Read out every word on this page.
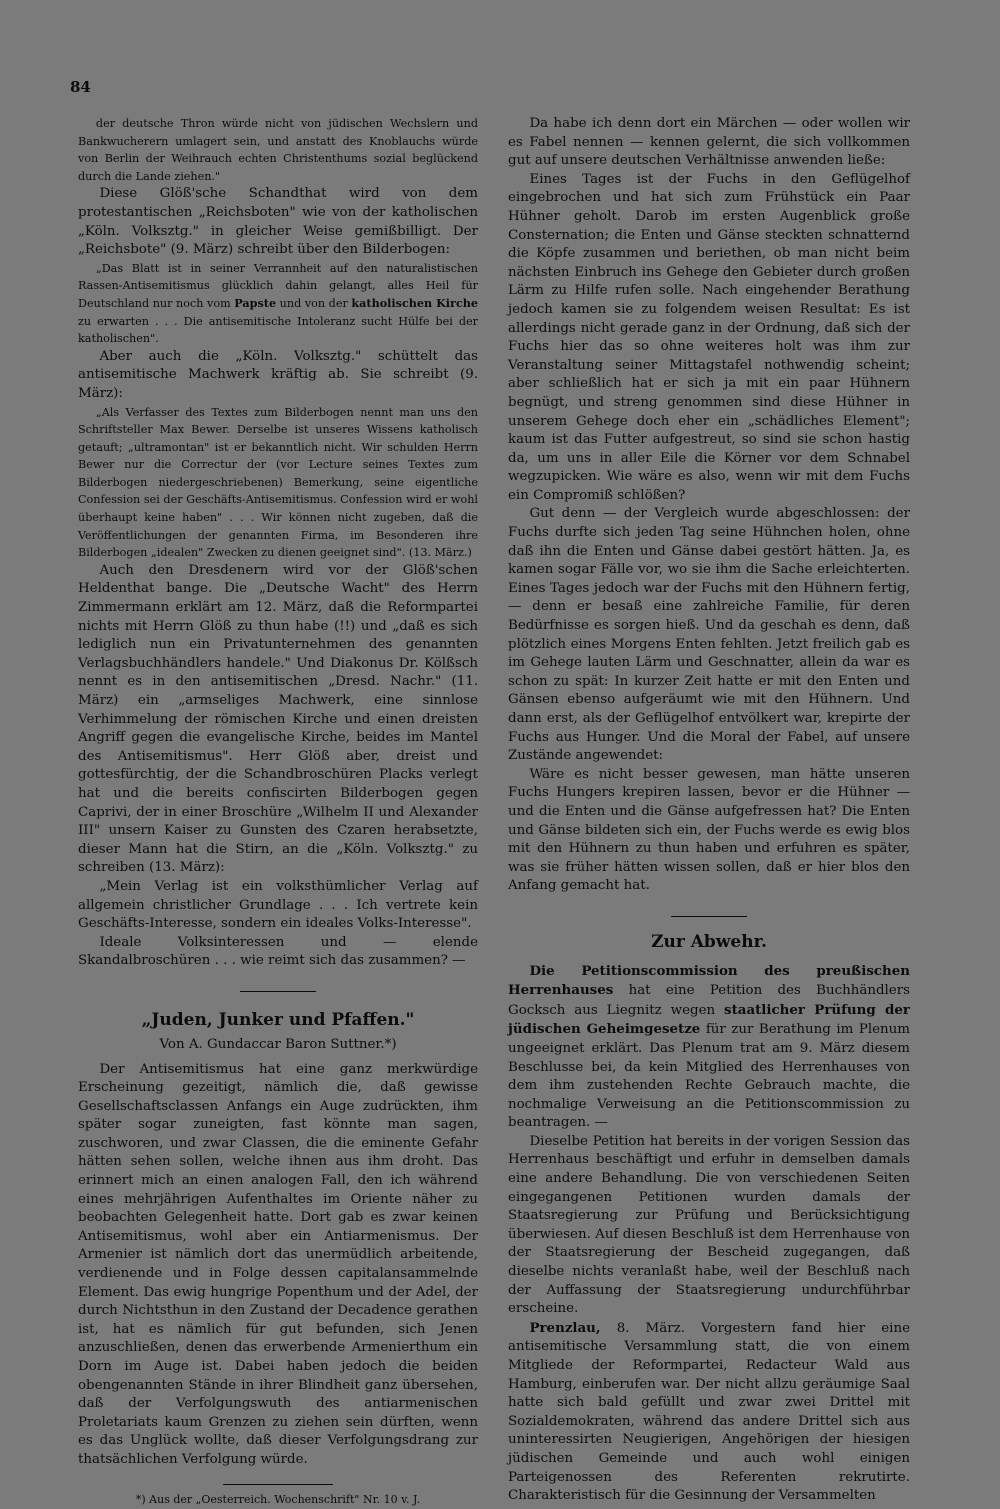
84

der deutsche Thron würde nicht von jüdischen Wechslern und Bankwucherern umlagert sein, und anstatt des Knoblauchs würde von Berlin der Weihrauch echten Christenthums sozial beglückend durch die Lande ziehen."

Diese Glöß'sche Schandthat wird von dem protestantischen „Reichsboten" wie von der katholischen „Köln. Volksztg." in gleicher Weise gemißbilligt. Der „Reichsbote" (9. März) schreibt über den Bilderbogen:

„Das Blatt ist in seiner Verrannheit auf den naturalistischen Rassen-Antisemitismus glücklich dahin gelangt, alles Heil für Deutschland nur noch vom Papste und von der katholischen Kirche zu erwarten . . . Die antisemitische Intoleranz sucht Hülfe bei der katholischen".

Aber auch die „Köln. Volksztg." schüttelt das antisemitische Machwerk kräftig ab. Sie schreibt (9. März):

„Als Verfasser des Textes zum Bilderbogen nennt man uns den Schriftsteller Max Bewer. Derselbe ist unseres Wissens katholisch getauft; „ultramontan" ist er bekanntlich nicht. Wir schulden Herrn Bewer nur die Correctur der (vor Lecture seines Textes zum Bilderbogen niedergeschriebenen) Bemerkung, seine eigentliche Confession sei der Geschäfts-Antisemitismus. Confession wird er wohl überhaupt keine haben" . . . Wir können nicht zugeben, daß die Veröffentlichungen der genannten Firma, im Besonderen ihre Bilderbogen „idealen" Zwecken zu dienen geeignet sind". (13. März.)

Auch den Dresdenern wird vor der Glöß'schen Heldenthat bange. Die „Deutsche Wacht" des Herrn Zimmermann erklärt am 12. März, daß die Reformpartei nichts mit Herrn Glöß zu thun habe (!!) und „daß es sich lediglich nun ein Privatunternehmen des genannten Verlagsbuchhändlers handele." Und Diakonus Dr. Kölßsch nennt es in den antisemitischen „Dresd. Nachr." (11. März) ein „armseliges Machwerk, eine sinnlose Verhimmelung der römischen Kirche und einen dreisten Angriff gegen die evangelische Kirche, beides im Mantel des Antisemitismus". Herr Glöß aber, dreist und gottesfürchtig, der die Schandbroschüren Placks verlegt hat und die bereits confiscirten Bilderbogen gegen Caprivi, der in einer Broschüre „Wilhelm II und Alexander III" unsern Kaiser zu Gunsten des Czaren herabsetzte, dieser Mann hat die Stirn, an die „Köln. Volksztg." zu schreiben (13. März):

„Mein Verlag ist ein volksthümlicher Verlag auf allgemein christlicher Grundlage . . . Ich vertrete kein Geschäfts-Interesse, sondern ein ideales Volks-Interesse".

Ideale Volksinteressen und — elende Skandalbroschüren . . . wie reimt sich das zusammen? —

„Juden, Junker und Pfaffen."
Von A. Gundaccar Baron Suttner.*)

Der Antisemitismus hat eine ganz merkwürdige Erscheinung gezeitigt, nämlich die, daß gewisse Gesellschaftsclassen Anfangs ein Auge zudrückten, ihm später sogar zuneigten, fast könnte man sagen, zuschworen, und zwar Classen, die die eminente Gefahr hätten sehen sollen, welche ihnen aus ihm droht. Das erinnert mich an einen analogen Fall, den ich während eines mehrjährigen Aufenthaltes im Oriente näher zu beobachten Gelegenheit hatte. Dort gab es zwar keinen Antisemitismus, wohl aber ein Antiarmenismus. Der Armenier ist nämlich dort das unermüdlich arbeitende, verdienende und in Folge dessen capitalansammelnde Element. Das ewig hungrige Popenthum und der Adel, der durch Nichtsthun in den Zustand der Decadence gerathen ist, hat es nämlich für gut befunden, sich Jenen anzuschließen, denen das erwerbende Armenierthum ein Dorn im Auge ist. Dabei haben jedoch die beiden obengenannten Stände in ihrer Blindheit ganz übersehen, daß der Verfolgungswuth des antiarmenischen Proletariats kaum Grenzen zu ziehen sein dürften, wenn es das Unglück wollte, daß dieser Verfolgungsdrang zur thatsächlichen Verfolgung würde.

*) Aus der „Oesterreich. Wochenschrift" Nr. 10 v. J.

Da habe ich denn dort ein Märchen — oder wollen wir es Fabel nennen — kennen gelernt, die sich vollkommen gut auf unsere deutschen Verhältnisse anwenden ließe:

Eines Tages ist der Fuchs in den Geflügelhof eingebrochen und hat sich zum Frühstück ein Paar Hühner geholt. Darob im ersten Augenblick große Consternation; die Enten und Gänse steckten schnatternd die Köpfe zusammen und beriethen, ob man nicht beim nächsten Einbruch ins Gehege den Gebieter durch großen Lärm zu Hilfe rufen solle. Nach eingehender Berathung jedoch kamen sie zu folgendem weisen Resultat: Es ist allerdings nicht gerade ganz in der Ordnung, daß sich der Fuchs hier das so ohne weiteres holt was ihm zur Veranstaltung seiner Mittagstafel nothwendig scheint; aber schließlich hat er sich ja mit ein paar Hühnern begnügt, und streng genommen sind diese Hühner in unserem Gehege doch eher ein „schädliches Element"; kaum ist das Futter aufgestreut, so sind sie schon hastig da, um uns in aller Eile die Körner vor dem Schnabel wegzupicken. Wie wäre es also, wenn wir mit dem Fuchs ein Compromiß schlößen?

Gut denn — der Vergleich wurde abgeschlossen: der Fuchs durfte sich jeden Tag seine Hühnchen holen, ohne daß ihn die Enten und Gänse dabei gestört hätten. Ja, es kamen sogar Fälle vor, wo sie ihm die Sache erleichterten. Eines Tages jedoch war der Fuchs mit den Hühnern fertig, — denn er besaß eine zahlreiche Familie, für deren Bedürfnisse es sorgen hieß. Und da geschah es denn, daß plötzlich eines Morgens Enten fehlten. Jetzt freilich gab es im Gehege lauten Lärm und Geschnatter, allein da war es schon zu spät: In kurzer Zeit hatte er mit den Enten und Gänsen ebenso aufgeräumt wie mit den Hühnern. Und dann erst, als der Geflügelhof entvölkert war, krepirte der Fuchs aus Hunger. Und die Moral der Fabel, auf unsere Zustände angewendet:

Wäre es nicht besser gewesen, man hätte unseren Fuchs Hungers krepiren lassen, bevor er die Hühner — und die Enten und die Gänse aufgefressen hat? Die Enten und Gänse bildeten sich ein, der Fuchs werde es ewig blos mit den Hühnern zu thun haben und erfuhren es später, was sie früher hätten wissen sollen, daß er hier blos den Anfang gemacht hat.

Zur Abwehr.

Die Petitionscommission des preußischen Herrenhauses hat eine Petition des Buchhändlers Gocksch aus Liegnitz wegen staatlicher Prüfung der jüdischen Geheimgesetze für zur Berathung im Plenum ungeeignet erklärt. Das Plenum trat am 9. März diesem Beschlusse bei, da kein Mitglied des Herrenhauses von dem ihm zustehenden Rechte Gebrauch machte, die nochmalige Verweisung an die Petitionscommission zu beantragen. —

Dieselbe Petition hat bereits in der vorigen Session das Herrenhaus beschäftigt und erfuhr in demselben damals eine andere Behandlung. Die von verschiedenen Seiten eingegangenen Petitionen wurden damals der Staatsregierung zur Prüfung und Berücksichtigung überwiesen. Auf diesen Beschluß ist dem Herrenhause von der Staatsregierung der Bescheid zugegangen, daß dieselbe nichts veranlaßt habe, weil der Beschluß nach der Auffassung der Staatsregierung undurchführbar erscheine.

Prenzlau, 8. März. Vorgestern fand hier eine antisemitische Versammlung statt, die von einem Mitgliede der Reformpartei, Redacteur Wald aus Hamburg, einberufen war. Der nicht allzu geräumige Saal hatte sich bald gefüllt und zwar zwei Drittel mit Sozialdemokraten, während das andere Drittel sich aus uninteressirten Neugierigen, Angehörigen der hiesigen jüdischen Gemeinde und auch wohl einigen Parteigenossen des Referenten rekrutirte. Charakteristisch für die Gesinnung der Versammelten
